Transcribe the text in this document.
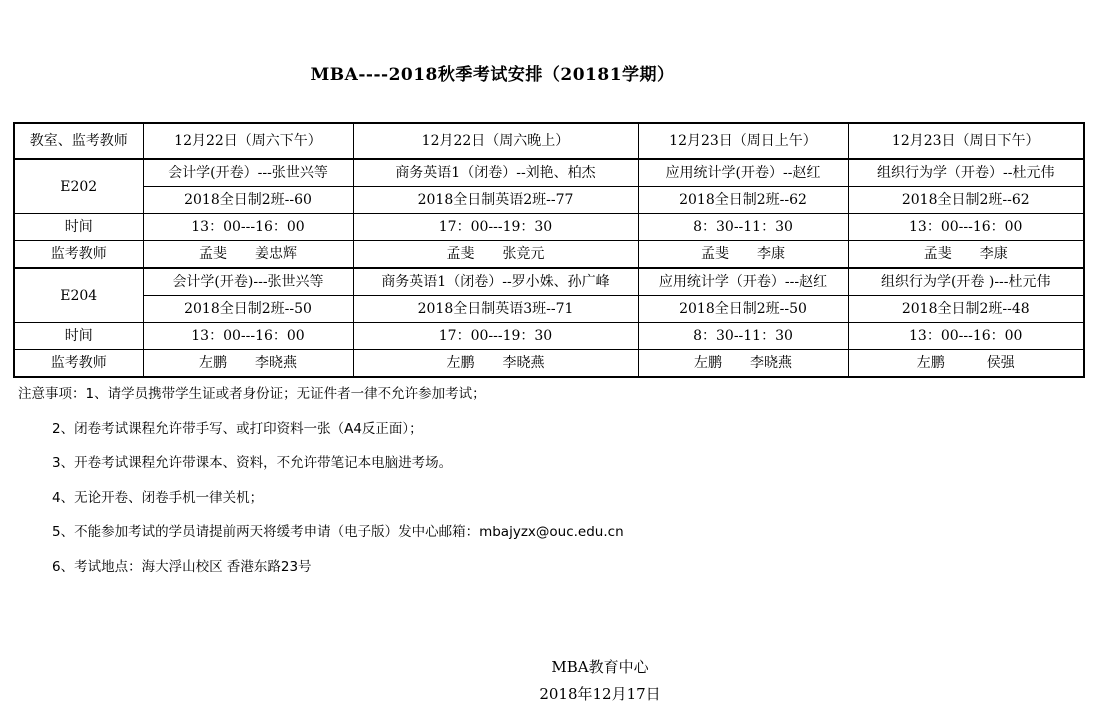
MBA----2018秋季考试安排（20181学期）
教室、监考教师	12月22日（周六下午）	12月22日（周六晚上）	12月23日（周日上午）	12月23日（周日下午）
E202	会计学(开卷）---张世兴等	商务英语1（闭卷）--刘艳、柏杰	应用统计学(开卷）--赵红	组织行为学（开卷）--杜元伟
	2018全日制2班--60	2018全日制英语2班--77	2018全日制2班--62	2018全日制2班--62
时间	13：00---16：00	17：00---19：30	8：30--11：30	13：00---16：00
监考教师	孟斐　　姜忠辉	孟斐　　张竞元	孟斐　　李康	孟斐　　李康
E204	会计学(开卷)---张世兴等	商务英语1（闭卷）--罗小姝、孙广峰	应用统计学（开卷）---赵红	组织行为学(开卷 )---杜元伟
	2018全日制2班--50	2018全日制英语3班--71	2018全日制2班--50	2018全日制2班--48
时间	13：00---16：00	17：00---19：30	8：30--11：30	13：00---16：00
监考教师	左鹏　　李晓燕	左鹏　　李晓燕	左鹏　　李晓燕	左鹏　　　侯强
注意事项：1、请学员携带学生证或者身份证；无证件者一律不允许参加考试；
2、闭卷考试课程允许带手写、或打印资料一张（A4反正面）；
3、开卷考试课程允许带课本、资料，不允许带笔记本电脑进考场。
4、无论开卷、闭卷手机一律关机；
5、不能参加考试的学员请提前两天将缓考申请（电子版）发中心邮箱：mbajyzx@ouc.edu.cn
6、考试地点：海大浮山校区 香港东路23号
MBA教育中心
2018年12月17日
